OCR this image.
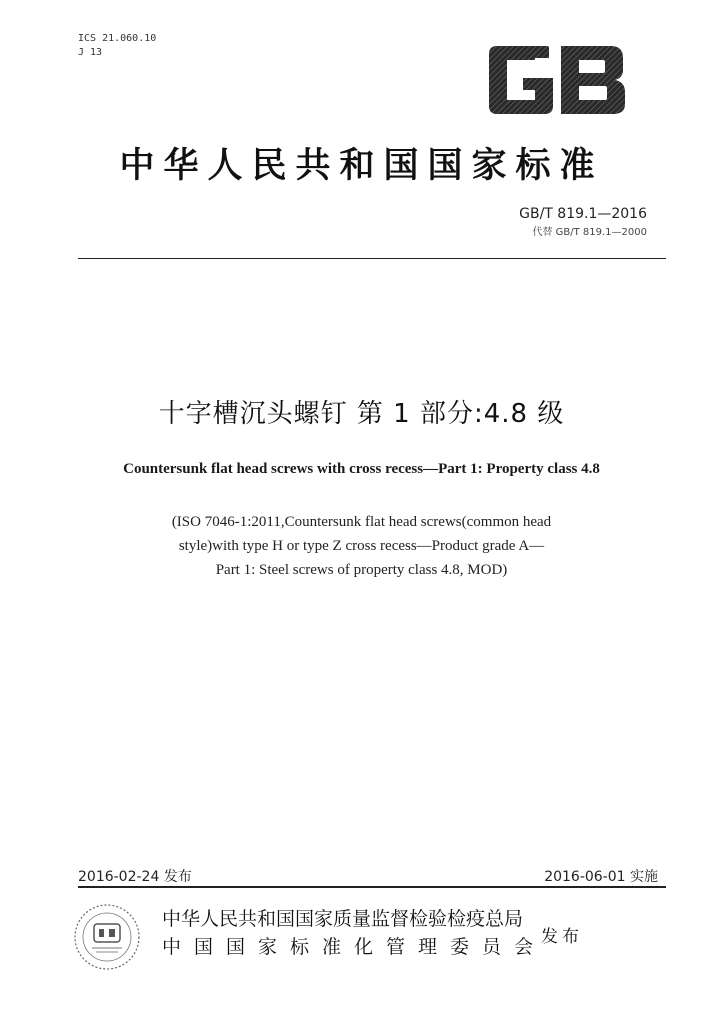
ICS 21.060.10
J 13
中华人民共和国国家标准
GB/T 819.1—2016
代替 GB/T 819.1—2000
十字槽沉头螺钉 第 1 部分:4.8 级
Countersunk flat head screws with cross recess—Part 1: Property class 4.8
(ISO 7046-1:2011,Countersunk flat head screws(common head
style)with type H or type Z cross recess—Product grade A—
Part 1: Steel screws of property class 4.8, MOD)
2016-02-24 发布	2016-06-01 实施
中华人民共和国国家质量监督检验检疫总局
中国国家标准化管理委员会
发布
